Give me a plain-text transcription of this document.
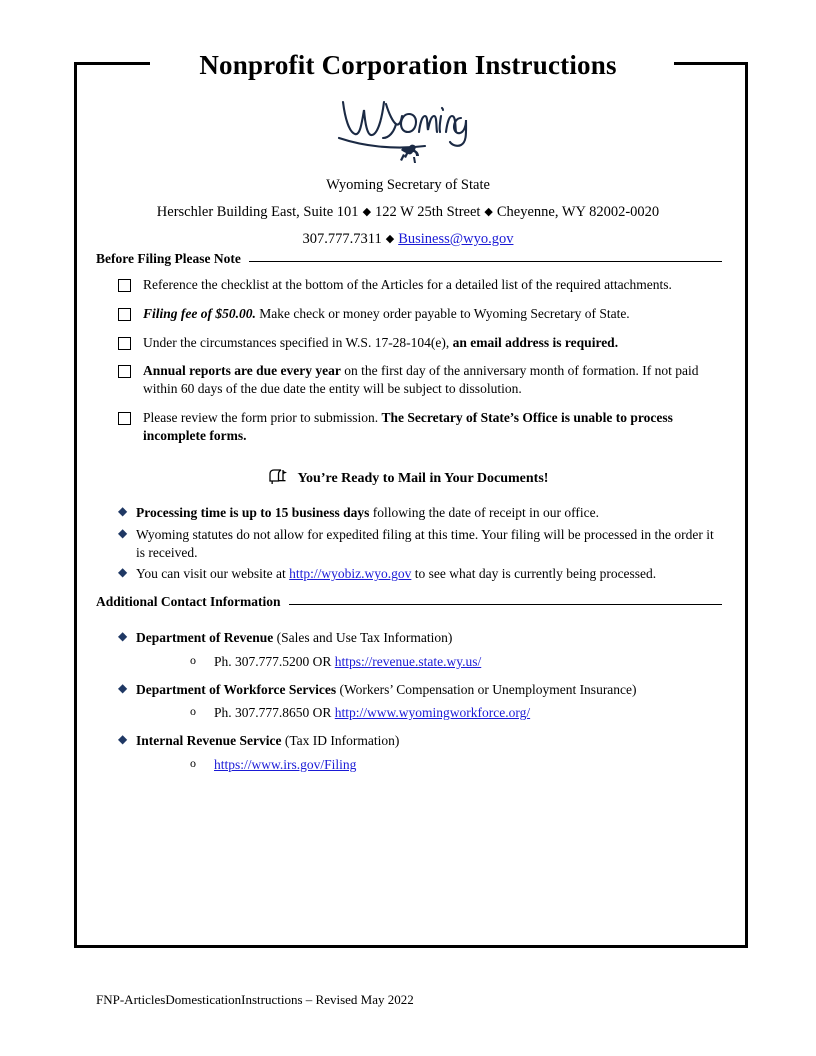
Nonprofit Corporation Instructions
Wyoming Secretary of State
Herschler Building East, Suite 101 ◆ 122 W 25th Street ◆ Cheyenne, WY 82002-0020
307.777.7311 ◆ Business@wyo.gov
Before Filing Please Note
Reference the checklist at the bottom of the Articles for a detailed list of the required attachments.
Filing fee of $50.00. Make check or money order payable to Wyoming Secretary of State.
Under the circumstances specified in W.S. 17-28-104(e), an email address is required.
Annual reports are due every year on the first day of the anniversary month of formation. If not paid within 60 days of the due date the entity will be subject to dissolution.
Please review the form prior to submission. The Secretary of State’s Office is unable to process incomplete forms.
You’re Ready to Mail in Your Documents!
◆ Processing time is up to 15 business days following the date of receipt in our office.
◆ Wyoming statutes do not allow for expedited filing at this time. Your filing will be processed in the order it is received.
◆ You can visit our website at http://wyobiz.wyo.gov to see what day is currently being processed.
Additional Contact Information
◆ Department of Revenue (Sales and Use Tax Information)
o	Ph. 307.777.5200 OR https://revenue.state.wy.us/
◆ Department of Workforce Services (Workers’ Compensation or Unemployment Insurance)
o	Ph. 307.777.8650 OR http://www.wyomingworkforce.org/
◆ Internal Revenue Service (Tax ID Information)
o	https://www.irs.gov/Filing
FNP-ArticlesDomesticationInstructions – Revised May 2022
